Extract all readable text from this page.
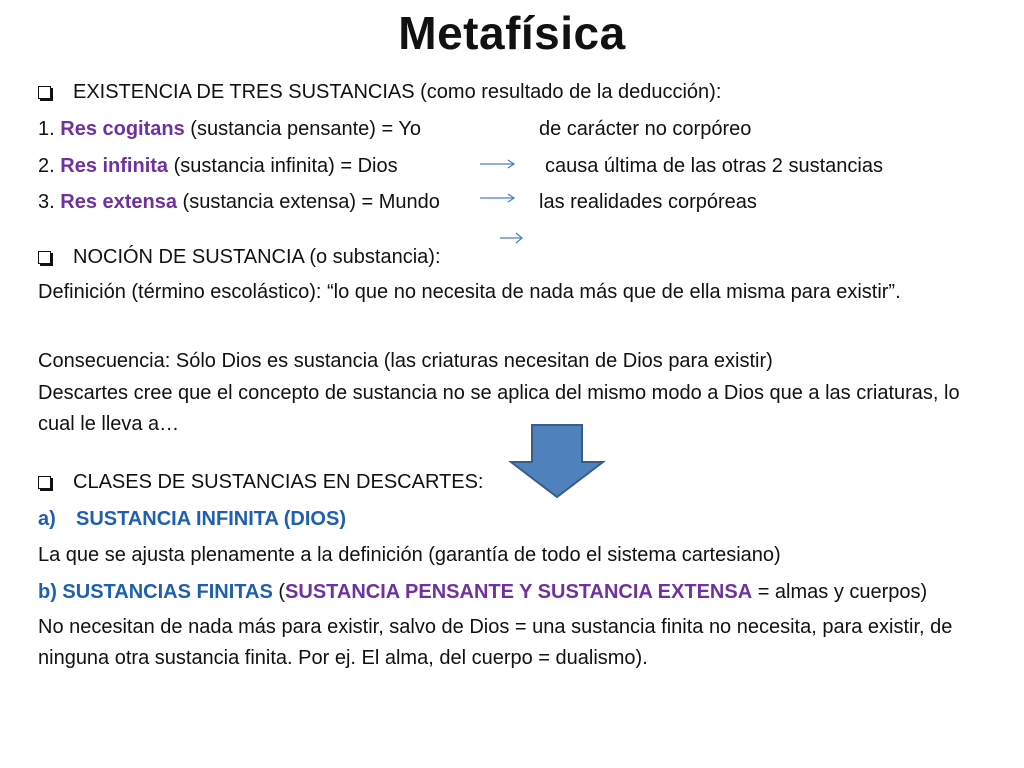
Metafísica
EXISTENCIA DE TRES SUSTANCIAS (como resultado de la deducción):
1. Res cogitans (sustancia pensante) = Yo	de carácter no corpóreo
2. Res infinita (sustancia infinita) = Dios	causa última de las otras 2 sustancias
3. Res extensa (sustancia extensa) = Mundo	las realidades corpóreas
NOCIÓN DE SUSTANCIA (o substancia):
Definición (término escolástico): “lo que no necesita de nada más que de ella misma para existir”.
Consecuencia: Sólo Dios es sustancia (las criaturas necesitan de Dios para existir)
Descartes cree que el concepto de sustancia no se aplica del mismo modo a Dios que a las criaturas, lo cual le lleva a…
CLASES DE SUSTANCIAS EN DESCARTES:
a) SUSTANCIA INFINITA (DIOS)
La que se ajusta plenamente a la definición (garantía de todo el sistema cartesiano)
b) SUSTANCIAS FINITAS (SUSTANCIA PENSANTE Y SUSTANCIA EXTENSA = almas y cuerpos)
No necesitan de nada más para existir, salvo de Dios = una sustancia finita no necesita, para existir, de ninguna otra sustancia finita. Por ej. El alma, del cuerpo = dualismo).
